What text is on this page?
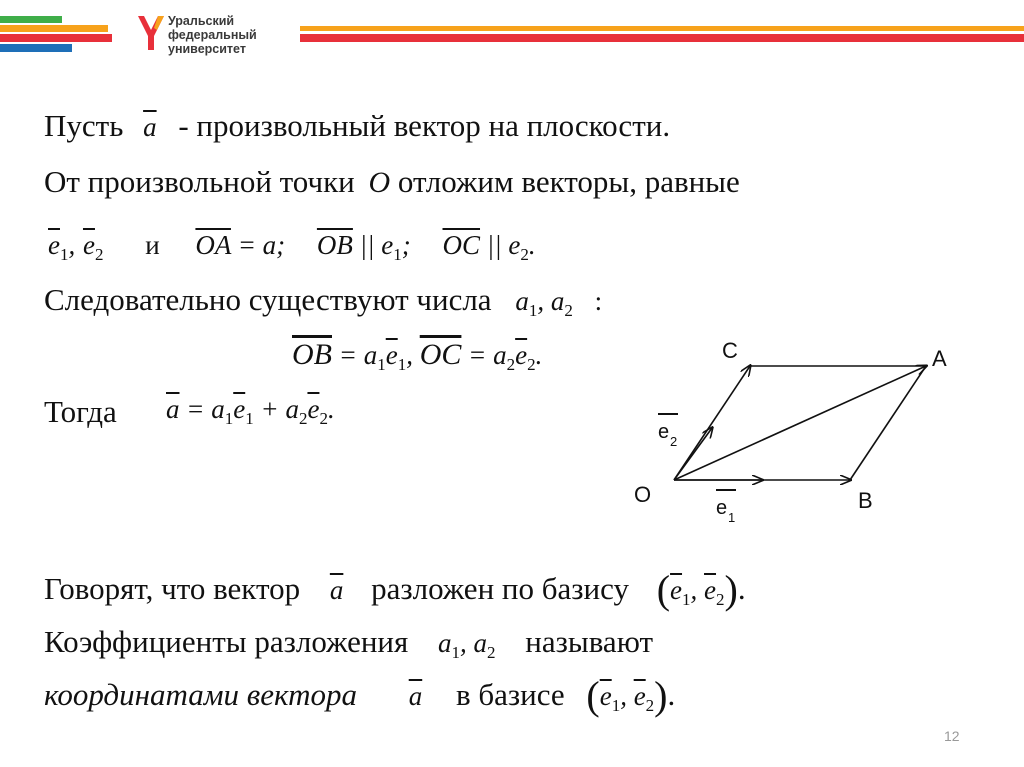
Уральский
федеральный
университет
Пусть $\overline{a}$ - произвольный вектор на плоскости.
От произвольной точки O отложим векторы, равные
$\overline{e}_1$, $\overline{e}_2$ и $\overline{OA} = a$; $\overline{OB}$ || $e_1$; $\overline{OC}$ || $e_2$.
Следовательно существуют числа $a_1$, $a_2$ :
$\overline{OB} = a_1\overline{e}_1$, $\overline{OC} = a_2\overline{e}_2$.
Тогда $\overline{a} = a_1\overline{e}_1 + a_2\overline{e}_2$.
O
C	A
B
e 1
e 2
Говорят, что вектор $\overline{a}$ разложен по базису ($\overline{e}_1$, $\overline{e}_2$).
Коэффициенты разложения $a_1$, $a_2$ называют
координатами вектора $\overline{a}$ в базисе ($\overline{e}_1$, $\overline{e}_2$).
12
